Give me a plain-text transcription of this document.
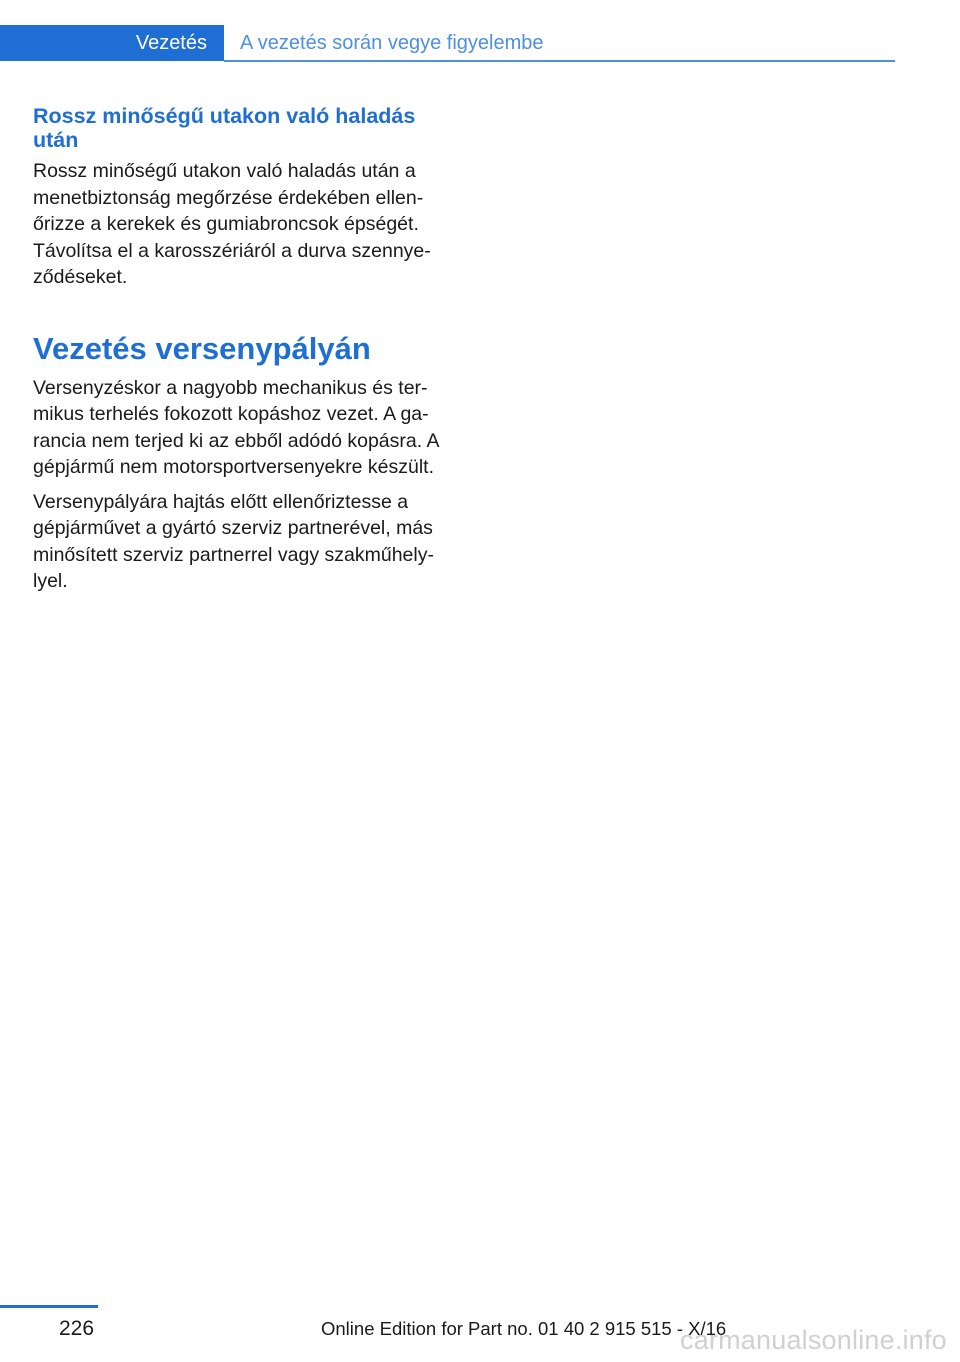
Vezetés	A vezetés során vegye figyelembe
Rossz minőségű utakon való haladás után

Rossz minőségű utakon való haladás után a menetbiztonság megőrzése érdekében ellenőrizze a kerekek és gumiabroncsok épségét. Távolítsa el a karosszériáról a durva szennyeződéseket.

Vezetés versenypályán

Versenyzéskor a nagyobb mechanikus és termikus terhelés fokozott kopáshoz vezet. A garancia nem terjed ki az ebből adódó kopásra. A gépjármű nem motorsportversenyekre készült.

Versenypályára hajtás előtt ellenőriztesse a gépjárművet a gyártó szerviz partnerével, más minősített szerviz partnerrel vagy szakműhelylyel.

226	Online Edition for Part no. 01 40 2 915 515 - X/16
carmanualsonline.info
